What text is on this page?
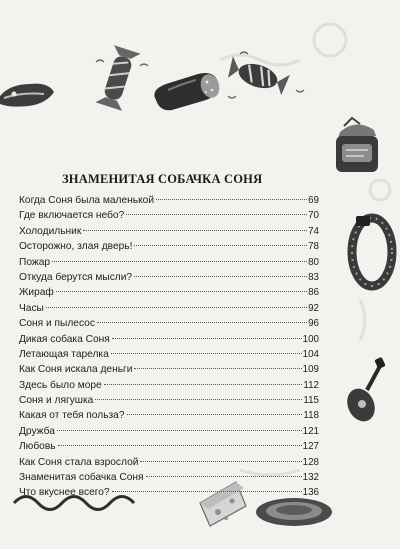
ЗНАМЕНИТАЯ СОБАЧКА СОНЯ
Когда Соня была маленькой	69
Где включается небо?	70
Холодильник	74
Осторожно, злая дверь!	78
Пожар	80
Откуда берутся мысли?	83
Жираф	86
Часы	92
Соня и пылесос	96
Дикая собака Соня	100
Летающая тарелка	104
Как Соня искала деньги	109
Здесь было море	112
Соня и лягушка	115
Какая от тебя польза?	118
Дружба	121
Любовь	127
Как Соня стала взрослой	128
Знаменитая собачка Соня	132
Что вкуснее всего?	136
